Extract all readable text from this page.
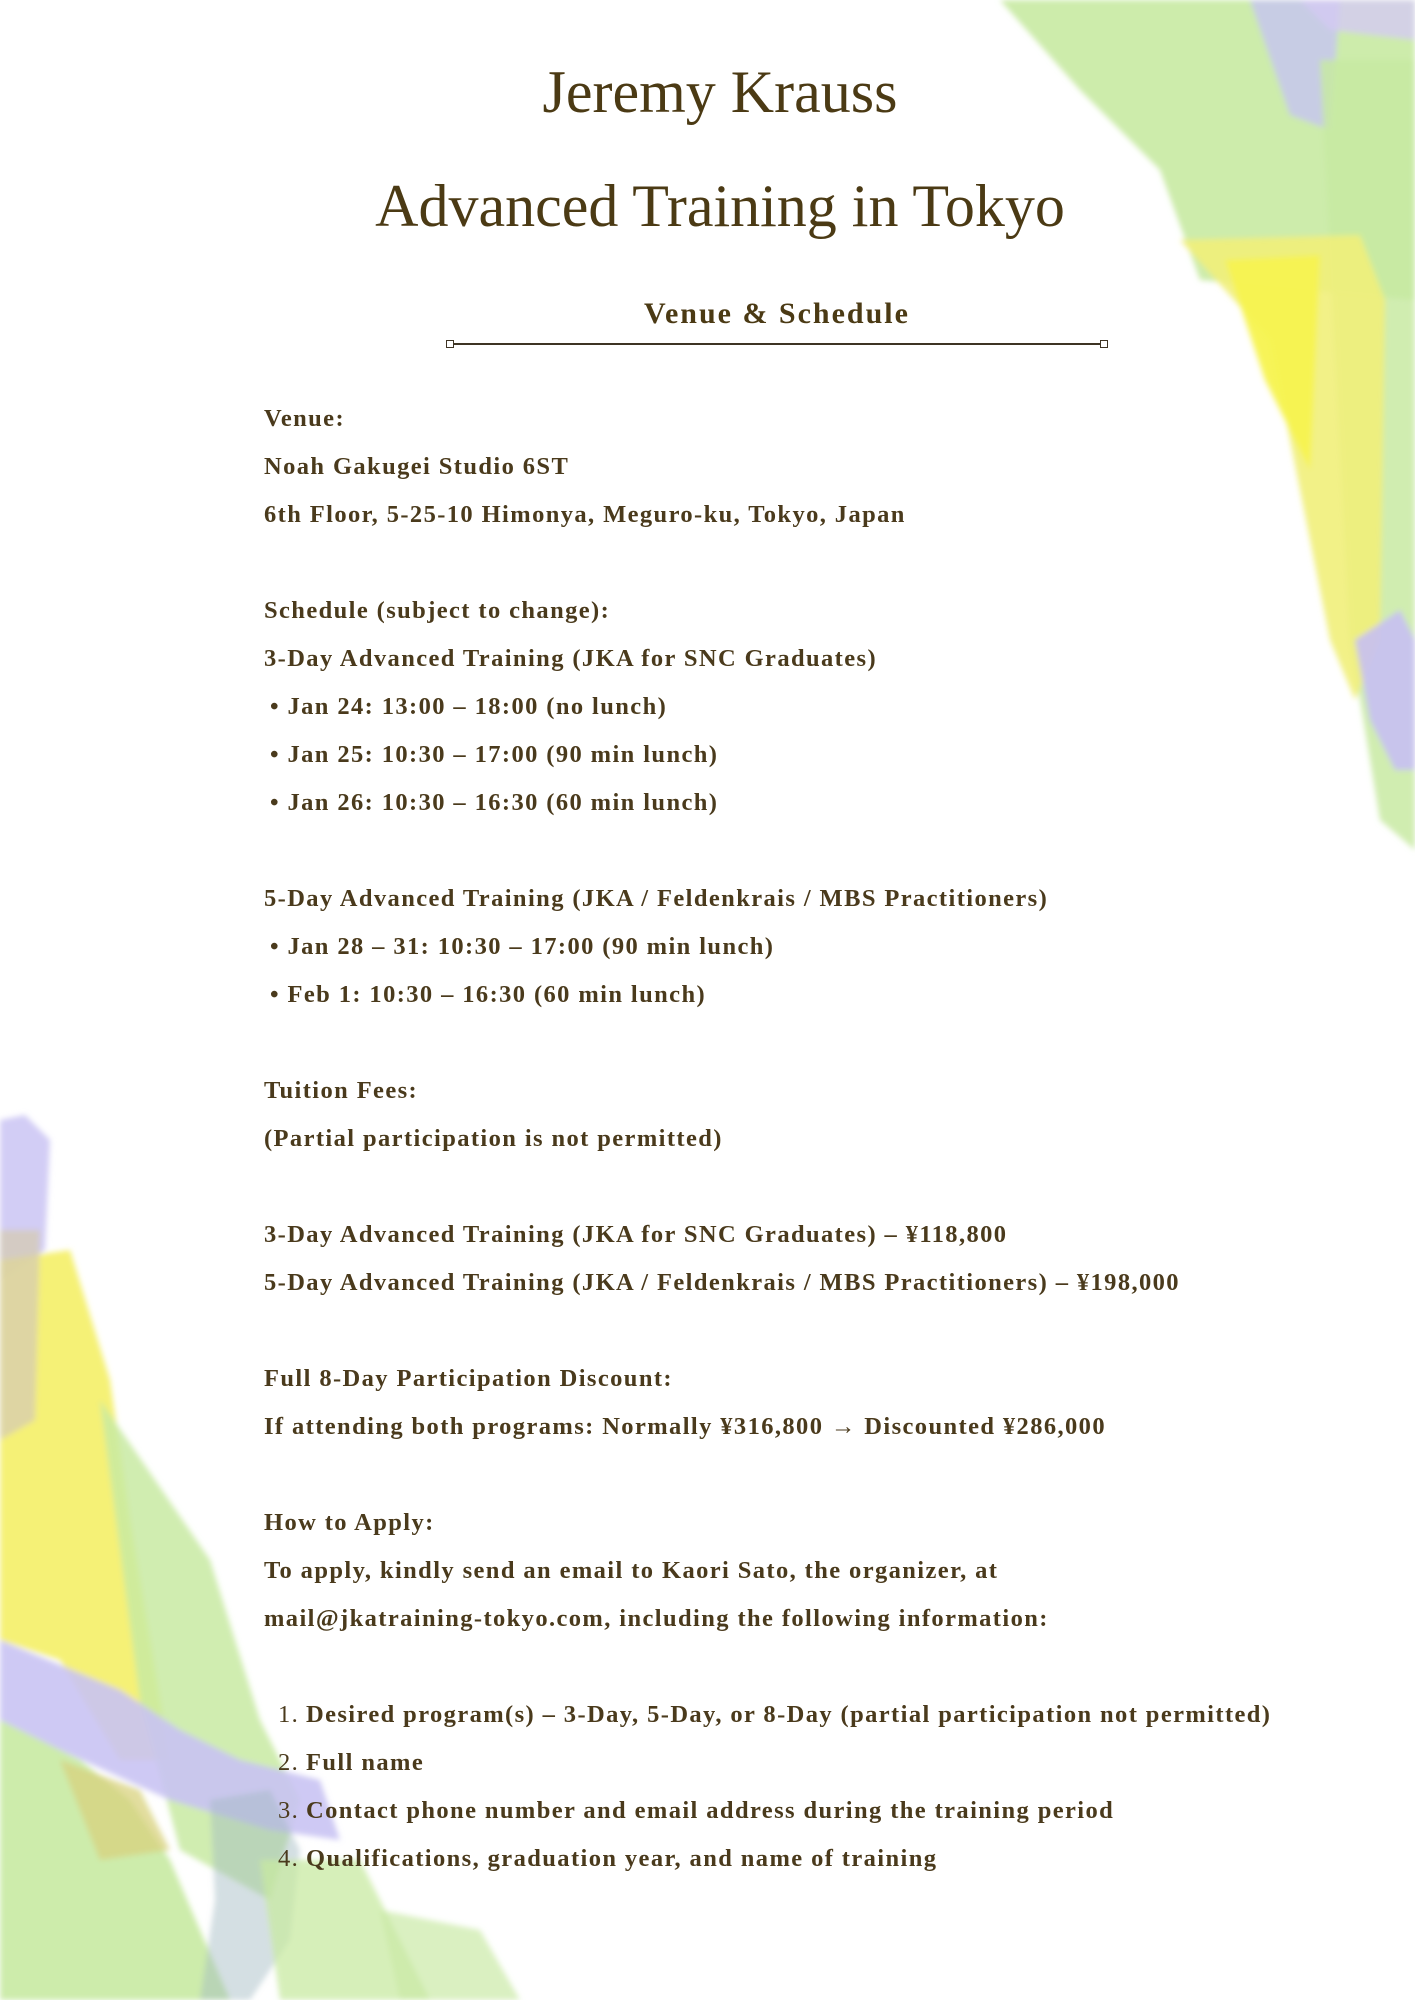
Jeremy Krauss
Advanced Training in Tokyo
Venue & Schedule
Venue:
Noah Gakugei Studio 6ST
6th Floor, 5-25-10 Himonya, Meguro-ku, Tokyo, Japan
Schedule (subject to change):
3-Day Advanced Training (JKA for SNC Graduates)
• Jan 24: 13:00 – 18:00 (no lunch)
• Jan 25: 10:30 – 17:00 (90 min lunch)
• Jan 26: 10:30 – 16:30 (60 min lunch)
5-Day Advanced Training (JKA / Feldenkrais / MBS Practitioners)
• Jan 28 – 31: 10:30 – 17:00 (90 min lunch)
• Feb 1: 10:30 – 16:30 (60 min lunch)
Tuition Fees:
(Partial participation is not permitted)
3-Day Advanced Training (JKA for SNC Graduates) – ¥118,800
5-Day Advanced Training (JKA / Feldenkrais / MBS Practitioners) – ¥198,000
Full 8-Day Participation Discount:
If attending both programs: Normally ¥316,800 → Discounted ¥286,000
How to Apply:
To apply, kindly send an email to Kaori Sato, the organizer, at
mail@jkatraining-tokyo.com, including the following information:
1. Desired program(s) – 3-Day, 5-Day, or 8-Day (partial participation not permitted)
2. Full name
3. Contact phone number and email address during the training period
4. Qualifications, graduation year, and name of training
